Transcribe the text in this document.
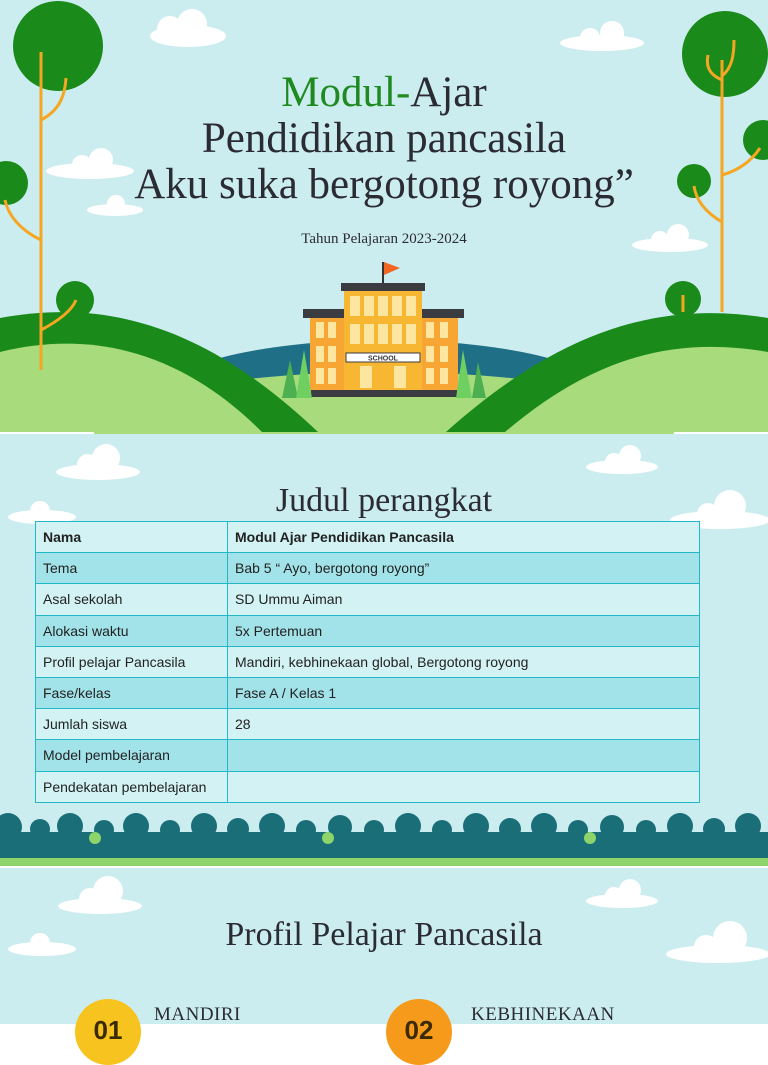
SCHOOL
Modul-Ajar
Pendidikan pancasila
Aku suka bergotong royong”
Tahun Pelajaran 2023-2024
Judul perangkat
Nama	Modul Ajar Pendidikan Pancasila
Tema	Bab 5 “ Ayo, bergotong royong”
Asal sekolah	SD Ummu Aiman
Alokasi waktu	5x Pertemuan
Profil pelajar Pancasila	Mandiri, kebhinekaan global, Bergotong royong
Fase/kelas	Fase A / Kelas 1
Jumlah siswa	28
Model pembelajaran	
Pendekatan pembelajaran	
Profil Pelajar Pancasila
01
MANDIRI
02
KEBHINEKAAN
